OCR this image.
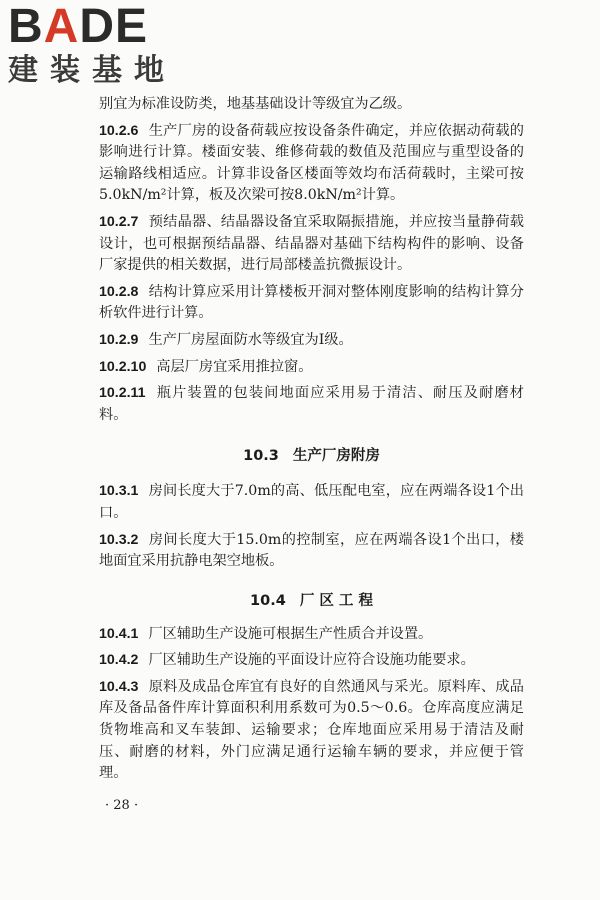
BADE
建装基地

别宜为标准设防类，地基基础设计等级宜为乙级。

10.2.6 生产厂房的设备荷载应按设备条件确定，并应依据动荷载的影响进行计算。楼面安装、维修荷载的数值及范围应与重型设备的运输路线相适应。计算非设备区楼面等效均布活荷载时，主梁可按5.0kN/m²计算，板及次梁可按8.0kN/m²计算。

10.2.7 预结晶器、结晶器设备宜采取隔振措施，并应按当量静荷载设计，也可根据预结晶器、结晶器对基础下结构构件的影响、设备厂家提供的相关数据，进行局部楼盖抗微振设计。

10.2.8 结构计算应采用计算楼板开洞对整体刚度影响的结构计算分析软件进行计算。

10.2.9 生产厂房屋面防水等级宜为Ⅰ级。

10.2.10 高层厂房宜采用推拉窗。

10.2.11 瓶片装置的包装间地面应采用易于清洁、耐压及耐磨材料。

10.3 生产厂房附房

10.3.1 房间长度大于7.0m的高、低压配电室，应在两端各设1个出口。

10.3.2 房间长度大于15.0m的控制室，应在两端各设1个出口，楼地面宜采用抗静电架空地板。

10.4 厂 区 工 程

10.4.1 厂区辅助生产设施可根据生产性质合并设置。

10.4.2 厂区辅助生产设施的平面设计应符合设施功能要求。

10.4.3 原料及成品仓库宜有良好的自然通风与采光。原料库、成品库及备品备件库计算面积利用系数可为0.5～0.6。仓库高度应满足货物堆高和叉车装卸、运输要求；仓库地面应采用易于清洁及耐压、耐磨的材料，外门应满足通行运输车辆的要求，并应便于管理。

· 28 ·
